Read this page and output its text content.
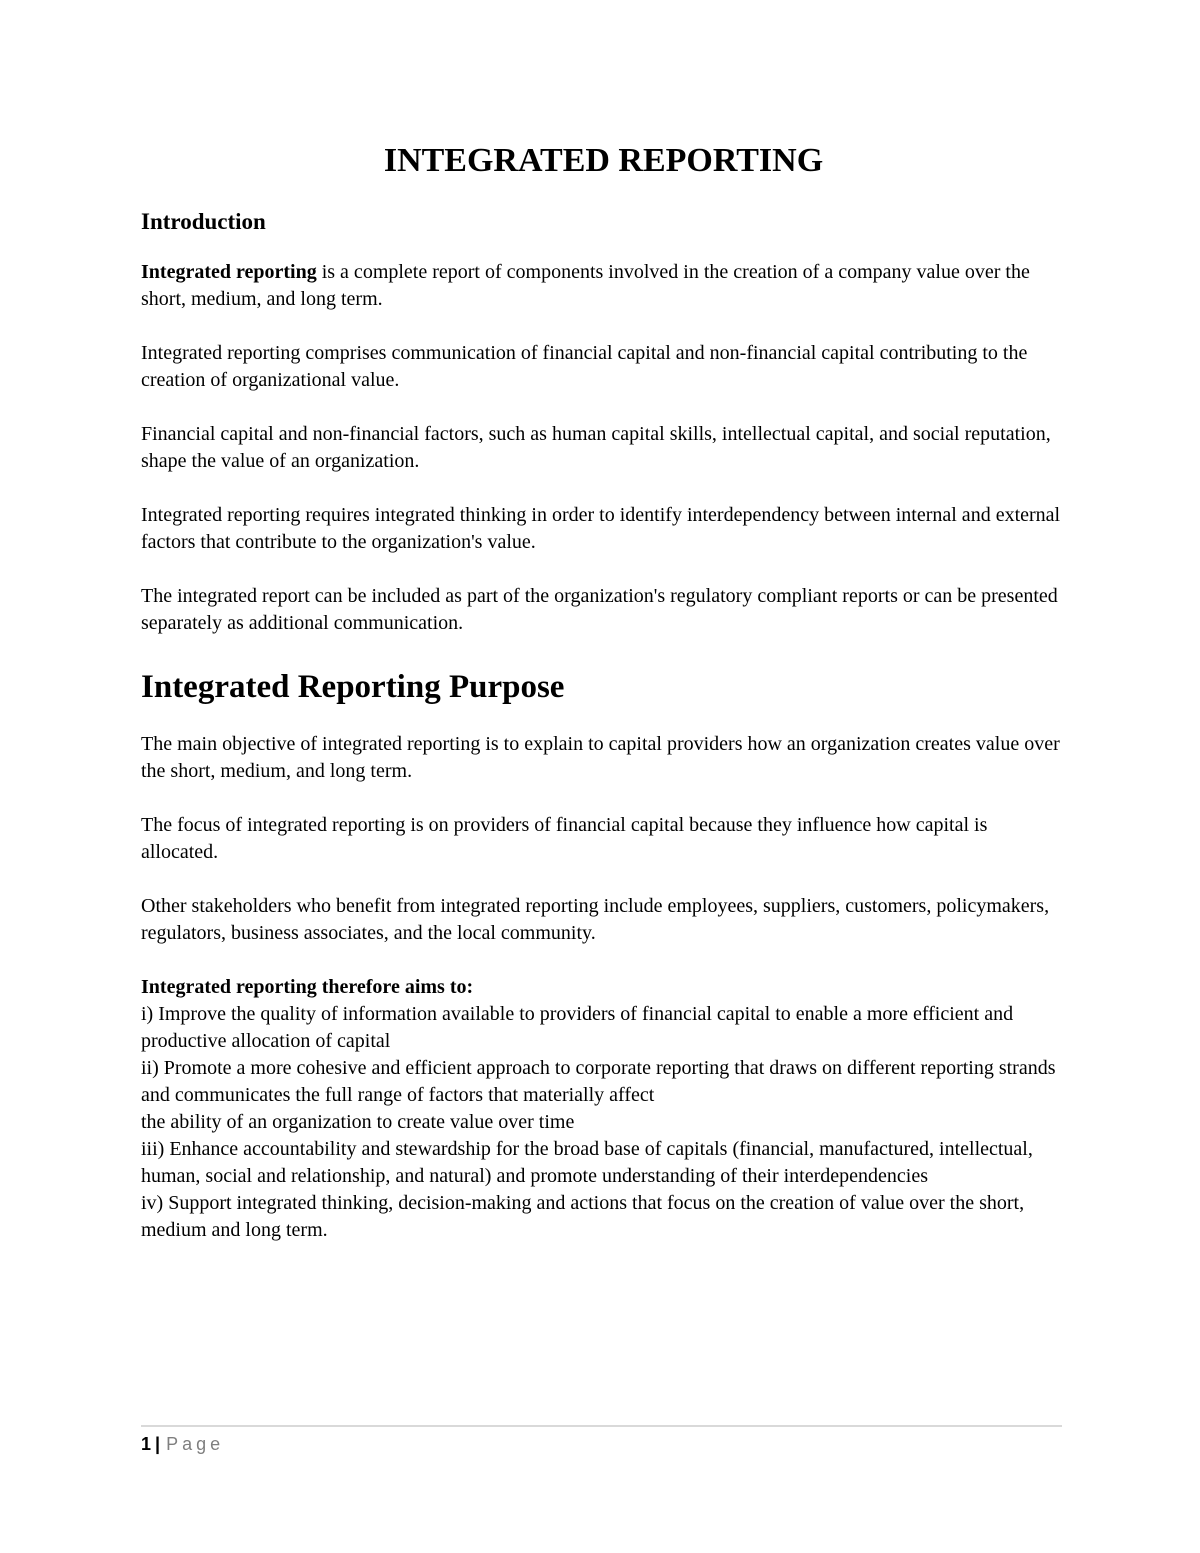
INTEGRATED REPORTING
Introduction

Integrated reporting is a complete report of components involved in the creation of a company value over the short, medium, and long term.

Integrated reporting comprises communication of financial capital and non-financial capital contributing to the creation of organizational value.

Financial capital and non-financial factors, such as human capital skills, intellectual capital, and social reputation, shape the value of an organization.

Integrated reporting requires integrated thinking in order to identify interdependency between internal and external factors that contribute to the organization's value.

The integrated report can be included as part of the organization's regulatory compliant reports or can be presented separately as additional communication.

Integrated Reporting Purpose

The main objective of integrated reporting is to explain to capital providers how an organization creates value over the short, medium, and long term.

The focus of integrated reporting is on providers of financial capital because they influence how capital is allocated.

Other stakeholders who benefit from integrated reporting include employees, suppliers, customers, policymakers, regulators, business associates, and the local community.

Integrated reporting therefore aims to:
i) Improve the quality of information available to providers of financial capital to enable a more efficient and productive allocation of capital
ii) Promote a more cohesive and efficient approach to corporate reporting that draws on different reporting strands and communicates the full range of factors that materially affect
the ability of an organization to create value over time
iii) Enhance accountability and stewardship for the broad base of capitals (financial, manufactured, intellectual, human, social and relationship, and natural) and promote understanding of their interdependencies
iv) Support integrated thinking, decision-making and actions that focus on the creation of value over the short, medium and long term.
1 | Page
